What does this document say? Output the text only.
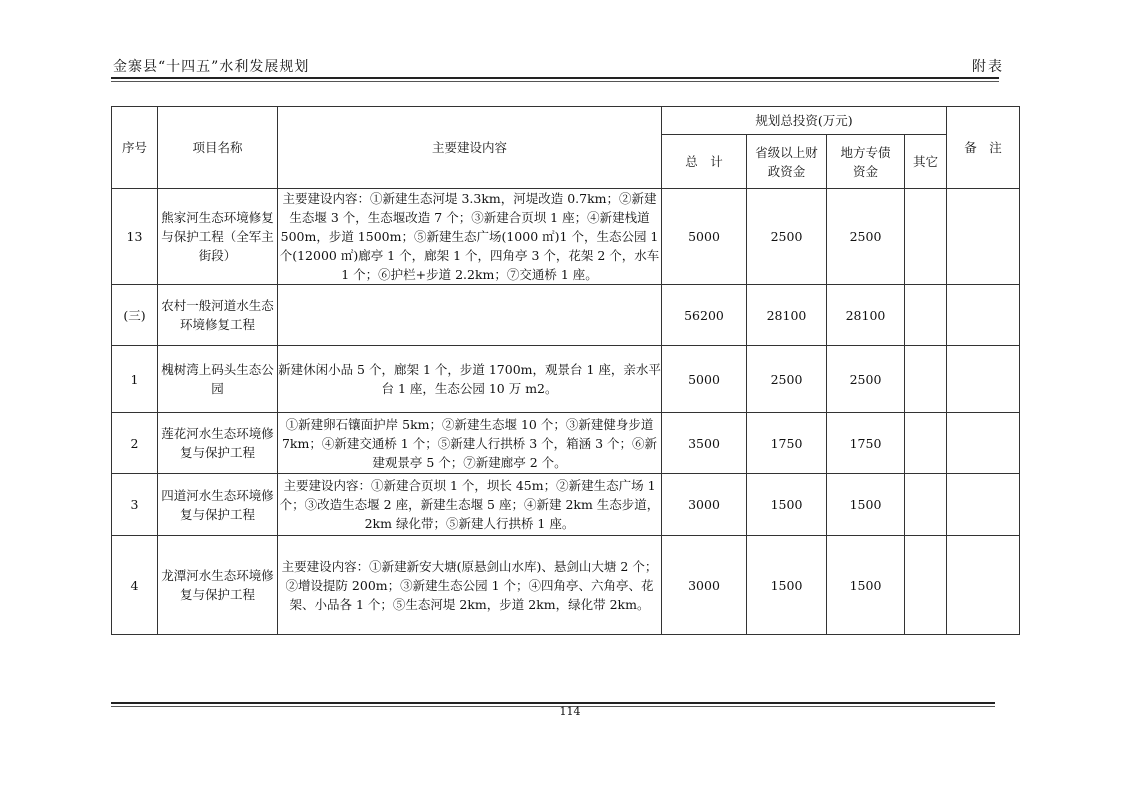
金寨县“十四五”水利发展规划	附表
序号	项目名称	主要建设内容	规划总投资(万元)				备　注
			总　计	省级以上财政资金	地方专债资金	其它	
13	熊家河生态环境修复与保护工程（全军主街段）	主要建设内容：①新建生态河堤 3.3km，河堤改造 0.7km；②新建生态堰 3 个，生态堰改造 7 个；③新建合页坝 1 座；④新建栈道 500m，步道 1500m；⑤新建生态广场(1000 ㎡)1 个，生态公园 1 个(12000 ㎡)廊亭 1 个，廊架 1 个，四角亭 3 个，花架 2 个，水车 1 个；⑥护栏+步道 2.2km；⑦交通桥 1 座。	5000	2500	2500		
(三)	农村一般河道水生态环境修复工程		56200	28100	28100		
1	槐树湾上码头生态公园	新建休闲小品 5 个，廊架 1 个，步道 1700m，观景台 1 座，亲水平台 1 座，生态公园 10 万 m2。	5000	2500	2500		
2	莲花河水生态环境修复与保护工程	①新建卵石镶面护岸 5km；②新建生态堰 10 个；③新建健身步道 7km；④新建交通桥 1 个；⑤新建人行拱桥 3 个，箱涵 3 个；⑥新建观景亭 5 个；⑦新建廊亭 2 个。	3500	1750	1750		
3	四道河水生态环境修复与保护工程	主要建设内容：①新建合页坝 1 个，坝长 45m；②新建生态广场 1 个；③改造生态堰 2 座，新建生态堰 5 座；④新建 2km 生态步道，2km 绿化带；⑤新建人行拱桥 1 座。	3000	1500	1500		
4	龙潭河水生态环境修复与保护工程	主要建设内容：①新建新安大塘(原悬剑山水库)、悬剑山大塘 2 个；②增设提防 200m；③新建生态公园 1 个；④四角亭、六角亭、花架、小品各 1 个；⑤生态河堤 2km，步道 2km，绿化带 2km。	3000	1500	1500		
114
